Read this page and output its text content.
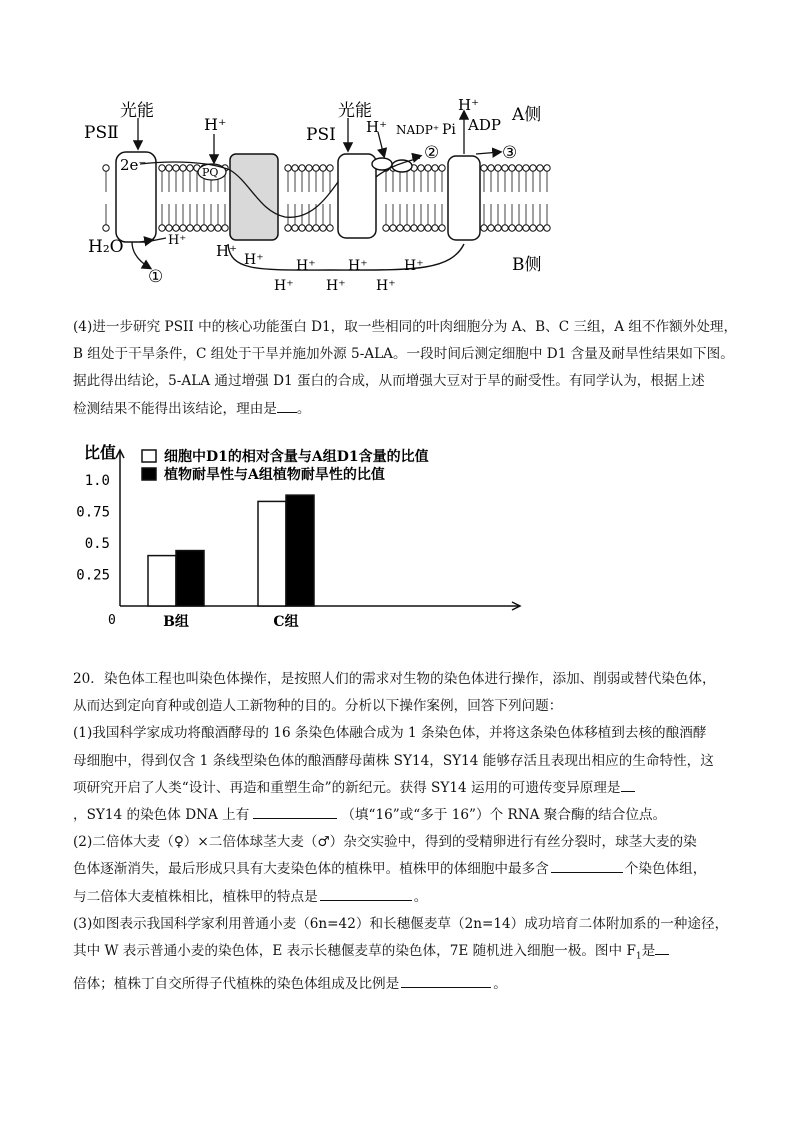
PSⅡ
光能
H⁺
PSⅠ
光能
H⁺ NADP⁺ Pi
H⁺
ADP A侧
2e⁻	PQ
②	③
H₂O	H⁺
①
H⁺ H⁺ H⁺ H⁺	H⁺
H⁺ H⁺ H⁺
B侧
(4)进一步研究 PSII 中的核心功能蛋白 D1，取一些相同的叶肉细胞分为 A、B、C 三组，A 组不作额外处理，
B 组处于干旱条件，C 组处于干旱并施加外源 5-ALA。一段时间后测定细胞中 D1 含量及耐旱性结果如下图。
据此得出结论，5-ALA 通过增强 D1 蛋白的合成，从而增强大豆对于旱的耐受性。有同学认为，根据上述
检测结果不能得出该结论，理由是 。
比值	细胞中D1的相对含量与A组D1含量的比值
植物耐旱性与A组植物耐旱性的比值
0
1.0
0.75
0.5
0.25
B组	C组
20．染色体工程也叫染色体操作，是按照人们的需求对生物的染色体进行操作，添加、削弱或替代染色体，
从而达到定向育种或创造人工新物种的目的。分析以下操作案例，回答下列问题：
(1)我国科学家成功将酿酒酵母的 16 条染色体融合成为 1 条染色体，并将这条染色体移植到去核的酿酒酵
母细胞中，得到仅含 1 条线型染色体的酿酒酵母菌株 SY14，SY14 能够存活且表现出相应的生命特性，这
项研究开启了人类“设计、再造和重塑生命”的新纪元。获得 SY14 运用的可遗传变异原理是
，SY14 的染色体 DNA 上有	（填“16”或“多于 16”）个 RNA 聚合酶的结合位点。
(2)二倍体大麦（♀）×二倍体球茎大麦（♂）杂交实验中，得到的受精卵进行有丝分裂时，球茎大麦的染
色体逐渐消失，最后形成只具有大麦染色体的植株甲。植株甲的体细胞中最多含	个染色体组，
与二倍体大麦植株相比，植株甲的特点是	。
(3)如图表示我国科学家利用普通小麦（6n=42）和长穗偃麦草（2n=14）成功培育二体附加系的一种途径，
其中 W 表示普通小麦的染色体，E 表示长穗偃麦草的染色体，7E 随机进入细胞一极。图中 $F_1$是
倍体；植株丁自交所得子代植株的染色体组成及比例是	。
